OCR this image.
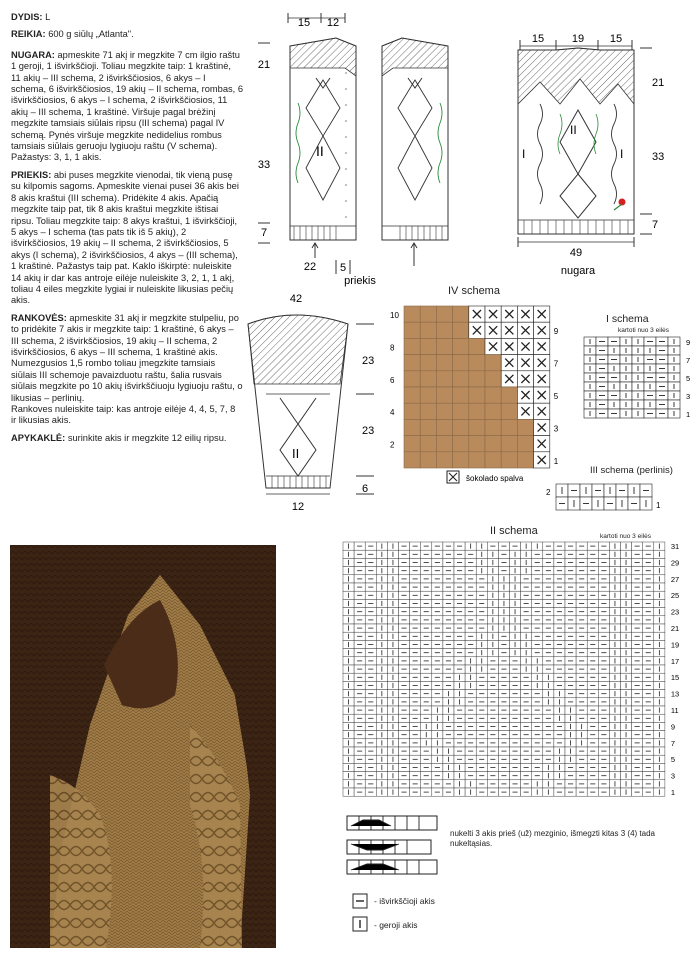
DYDIS: L

REIKIA: 600 g siūlų „Atlanta".

NUGARA: apmeskite 71 akį ir megzkite 7 cm ilgio raštu 1 geroji, 1 išvirkščioji. Toliau megzkite taip: 1 kraštinė, 11 akių – III schema, 2 išvirkščiosios, 6 akys – I schema, 6 išvirkščiosios, 19 akių – II schema, rombas, 6 išvirkščiosios, 6 akys – I schema, 2 išvirkščiosios, 11 akių – III schema, 1 kraštinė. Viršuje pagal brėžinį megzkite tamsiais siūlais ripsu (III schema) pagal IV schemą. Pynės viršuje megzkite nedidelius rombus tamsiais siūlais geruoju lygiuoju raštu (V schema). Pažastys: 3, 1, 1 akis.

PRIEKIS: abi puses megzkite vienodai, tik vieną pusę su kilpomis sagoms. Apmeskite vienai pusei 36 akis bei 8 akis kraštui (III schema). Pridėkite 4 akis. Apačią megzkite taip pat, tik 8 akis kraštui megzkite ištisai ripsu. Toliau megzkite taip: 8 akys kraštui, 1 išvirkščioji, 5 akys – I schema (tas pats tik iš 5 akių), 2 išvirkščiosios, 19 akių – II schema, 2 išvirkščiosios, 5 akys (I schema), 2 išvirkščiosios, 4 akys – (III schema), 1 kraštinė. Pažastys taip pat. Kaklo iškirptė: nuleiskite 14 akių ir dar kas antroje eilėje nuleiskite 3, 2, 1, 1 akį, toliau 4 eiles megzkite lygiai ir nuleiskite likusias pečių akis.

RANKOVĖS: apmeskite 31 akį ir megzkite stulpeliu, po to pridėkite 7 akis ir megzkite taip: 1 kraštinė, 6 akys – III schema, 2 išvirkščiosios, 19 akių – II schema, 2 išvirkščiosios, 6 akys – III schema, 1 kraštinė akis. Numezgusios 1,5 rombo toliau įmegzkite tamsiais siūlais III schemoje pavaizduotu raštu, šalia rusvais siūlais megzkite po 10 akių išvirkščiuoju lygiuoju raštu, o likusias – perlinių.

Rankoves nuleiskite taip: kas antroje eilėje 4, 4, 5, 7, 8 ir likusias akis.

APYKAKLĖ: surinkite akis ir megzkite 12 eilių ripsu.

15 12
21
33
7
II
22 5
priekis
15	19 15
21
33
7
I
II
I
49
nugara
42
II
12
23
23
6
IV schema
10
8
6
4
2
9
7
5
3
1
šokolado spalva
I schema
kartoti nuo 3 eilės
9
7
5
3
1
III schema (perlinis)
2
1
II schema	kartoti nuo 3 eilės
31
29
27
25
23
21
19
17
15
13
11
9
7
5
3
1
nukelti 3 akis prieš (už) mezginio, išmegzti kitas 3 (4) tada nukeltąsias.
- išvirkščioji akis
- geroji akis
